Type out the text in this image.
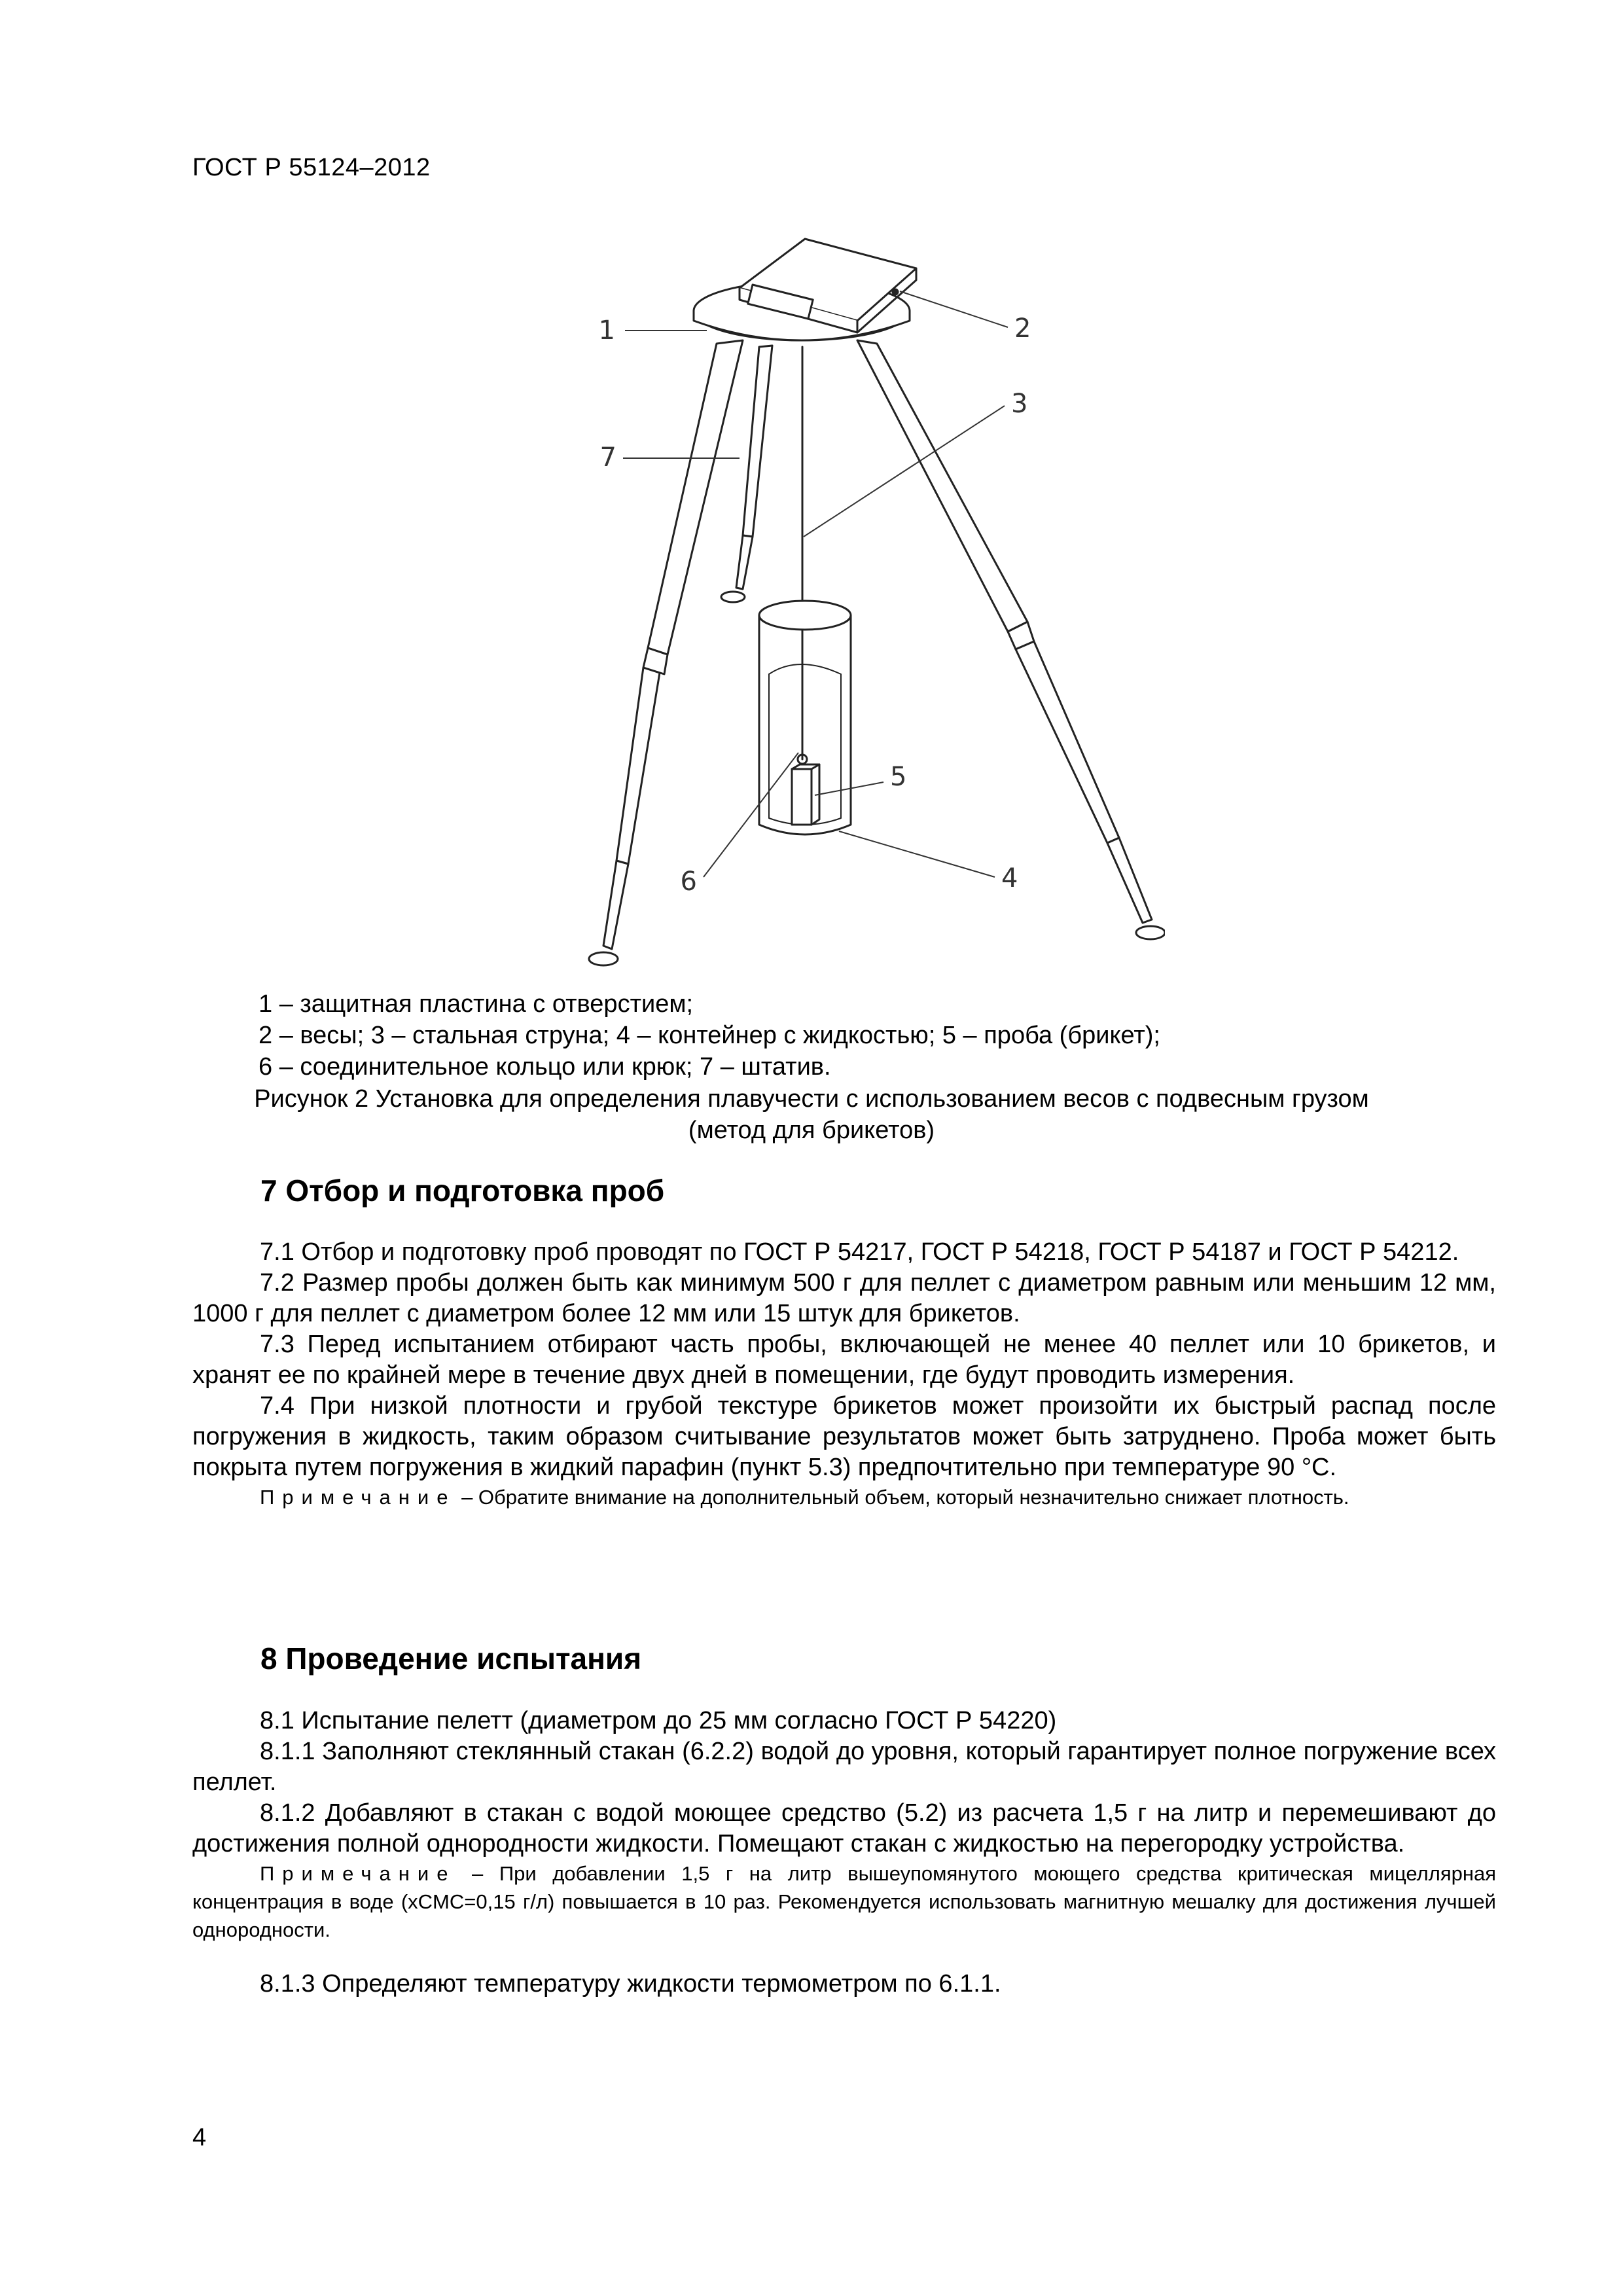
ГОСТ Р 55124–2012
1	2
3
7
5
6	4
1 – защитная пластина с отверстием;
2 – весы; 3 – стальная струна; 4 – контейнер с жидкостью; 5 – проба (брикет);
6 – соединительное кольцо или крюк; 7 – штатив.
Рисунок 2 Установка для определения плавучести с использованием весов с подвесным грузом
(метод для брикетов)
7 Отбор и подготовка проб

7.1 Отбор и подготовку проб проводят по ГОСТ Р 54217, ГОСТ Р 54218, ГОСТ Р 54187 и ГОСТ Р 54212.

7.2 Размер пробы должен быть как минимум 500 г для пеллет с диаметром равным или меньшим 12 мм, 1000 г для пеллет с диаметром более 12 мм или 15 штук для брикетов.

7.3 Перед испытанием отбирают часть пробы, включающей не менее 40 пеллет или 10 брикетов, и хранят ее по крайней мере в течение двух дней в помещении, где будут проводить измерения.

7.4 При низкой плотности и грубой текстуре брикетов может произойти их быстрый распад после погружения в жидкость, таким образом считывание результатов может быть затруднено. Проба может быть покрыта путем погружения в жидкий парафин (пункт 5.3) предпочтительно при температуре 90 °С.

Примечание – Обратите внимание на дополнительный объем, который незначительно снижает плотность.

8 Проведение испытания

8.1 Испытание пелетт (диаметром до 25 мм согласно ГОСТ Р 54220)

8.1.1 Заполняют стеклянный стакан (6.2.2) водой до уровня, который гарантирует полное погружение всех пеллет.

8.1.2 Добавляют в стакан с водой моющее средство (5.2) из расчета 1,5 г на литр и перемешивают до достижения полной однородности жидкости. Помещают стакан с жидкостью на перегородку устройства.

Примечание – При добавлении 1,5 г на литр вышеупомянутого моющего средства критическая мицеллярная концентрация в воде (xCMC=0,15 г/л) повышается в 10 раз. Рекомендуется использовать магнитную мешалку для достижения лучшей однородности.

8.1.3 Определяют температуру жидкости термометром по 6.1.1.

4
